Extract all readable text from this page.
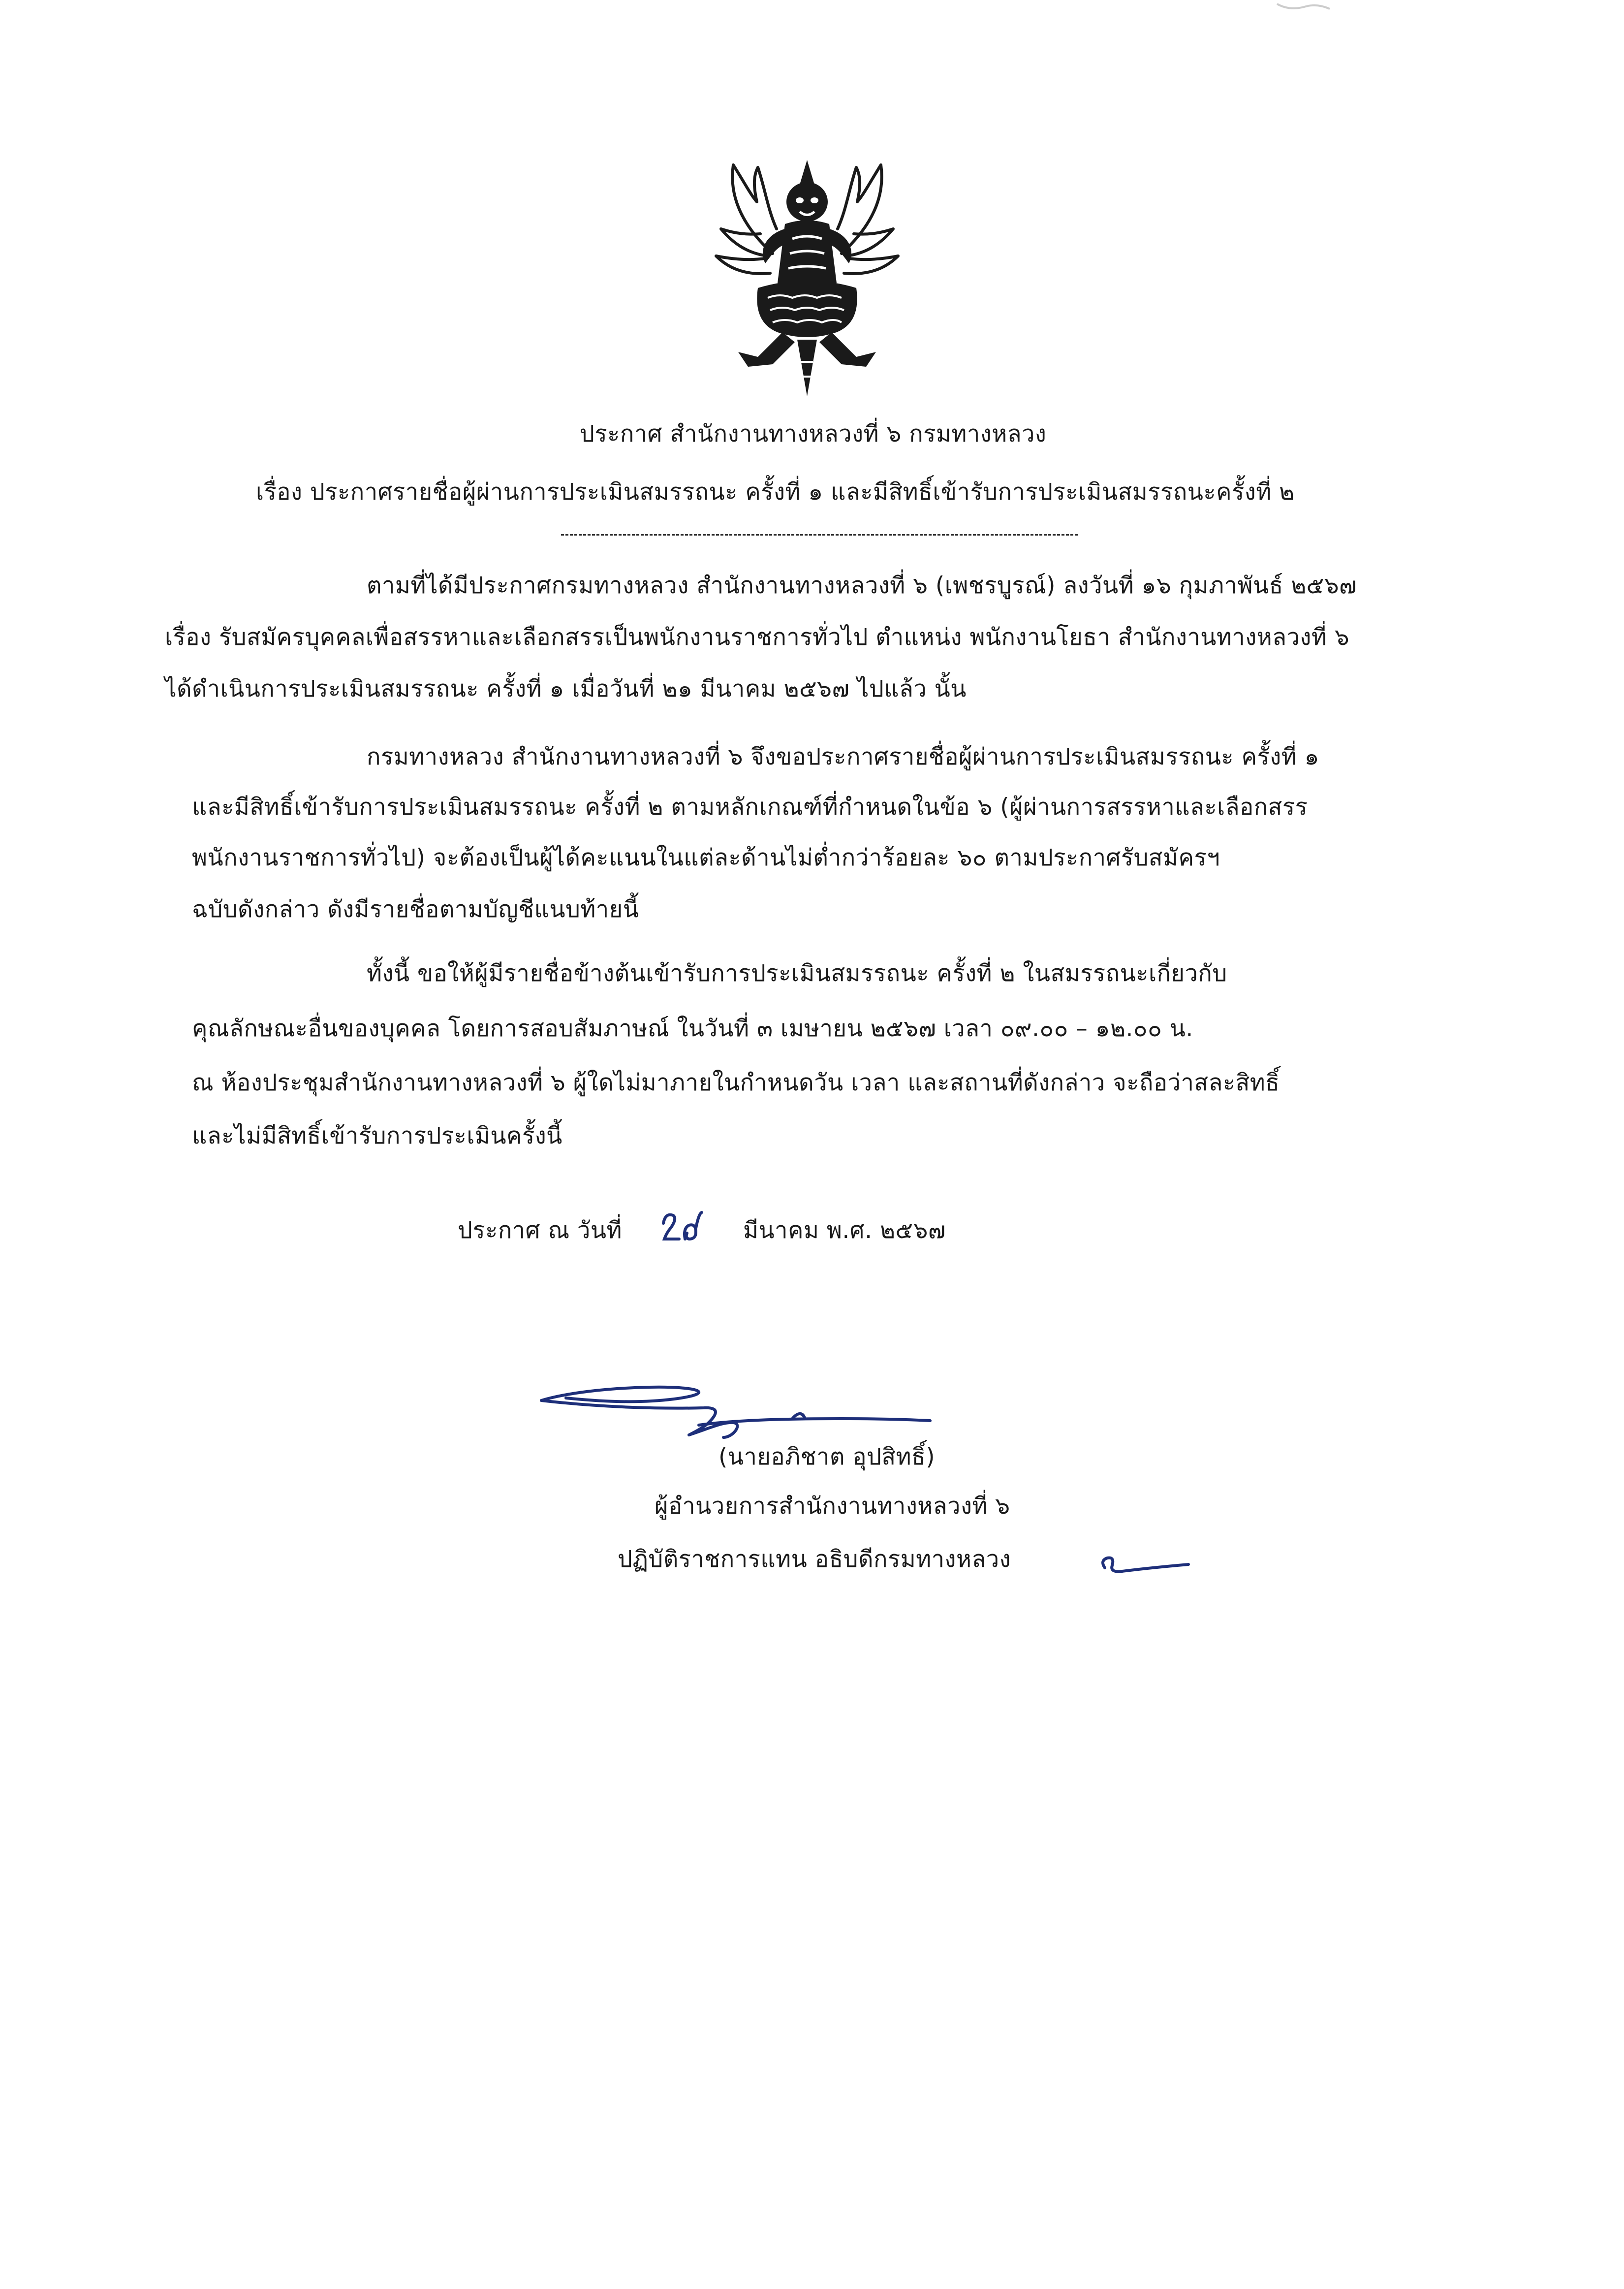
ประกาศ สำนักงานทางหลวงที่ ๖ กรมทางหลวง
เรื่อง ประกาศรายชื่อผู้ผ่านการประเมินสมรรถนะ ครั้งที่ ๑ และมีสิทธิ์เข้ารับการประเมินสมรรถนะครั้งที่ ๒
ตามที่ได้มีประกาศกรมทางหลวง สำนักงานทางหลวงที่ ๖ (เพชรบูรณ์) ลงวันที่ ๑๖ กุมภาพันธ์ ๒๕๖๗
เรื่อง รับสมัครบุคคลเพื่อสรรหาและเลือกสรรเป็นพนักงานราชการทั่วไป ตำแหน่ง พนักงานโยธา สำนักงานทางหลวงที่ ๖
ได้ดำเนินการประเมินสมรรถนะ ครั้งที่ ๑ เมื่อวันที่ ๒๑ มีนาคม ๒๕๖๗ ไปแล้ว นั้น
กรมทางหลวง สำนักงานทางหลวงที่ ๖ จึงขอประกาศรายชื่อผู้ผ่านการประเมินสมรรถนะ ครั้งที่ ๑
และมีสิทธิ์เข้ารับการประเมินสมรรถนะ ครั้งที่ ๒ ตามหลักเกณฑ์ที่กำหนดในข้อ ๖ (ผู้ผ่านการสรรหาและเลือกสรร
พนักงานราชการทั่วไป) จะต้องเป็นผู้ได้คะแนนในแต่ละด้านไม่ต่ำกว่าร้อยละ ๖๐ ตามประกาศรับสมัครฯ
ฉบับดังกล่าว ดังมีรายชื่อตามบัญชีแนบท้ายนี้
ทั้งนี้ ขอให้ผู้มีรายชื่อข้างต้นเข้ารับการประเมินสมรรถนะ ครั้งที่ ๒ ในสมรรถนะเกี่ยวกับ
คุณลักษณะอื่นของบุคคล โดยการสอบสัมภาษณ์ ในวันที่ ๓ เมษายน ๒๕๖๗ เวลา ๐๙.๐๐ – ๑๒.๐๐ น.
ณ ห้องประชุมสำนักงานทางหลวงที่ ๖ ผู้ใดไม่มาภายในกำหนดวัน เวลา และสถานที่ดังกล่าว จะถือว่าสละสิทธิ์
และไม่มีสิทธิ์เข้ารับการประเมินครั้งนี้
ประกาศ ณ วันที่	มีนาคม พ.ศ. ๒๕๖๗
(นายอภิชาต อุปสิทธิ์)
ผู้อำนวยการสำนักงานทางหลวงที่ ๖
ปฏิบัติราชการแทน อธิบดีกรมทางหลวง
